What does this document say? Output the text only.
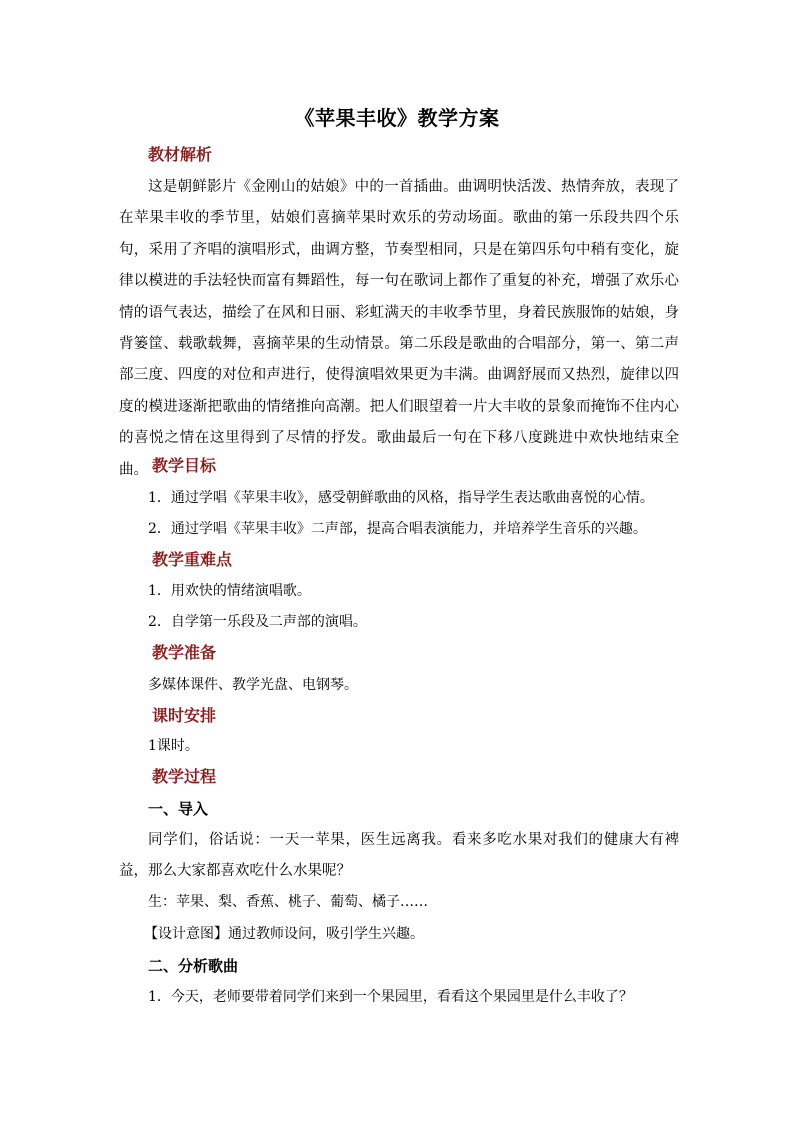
《苹果丰收》教学方案
教材解析
这是朝鲜影片《金刚山的姑娘》中的一首插曲。曲调明快活泼、热情奔放，表现了在苹果丰收的季节里，姑娘们喜摘苹果时欢乐的劳动场面。歌曲的第一乐段共四个乐句，采用了齐唱的演唱形式，曲调方整，节奏型相同，只是在第四乐句中稍有变化，旋律以模进的手法轻快而富有舞蹈性，每一句在歌词上都作了重复的补充，增强了欢乐心情的语气表达，描绘了在风和日丽、彩虹满天的丰收季节里，身着民族服饰的姑娘，身背篓筐、载歌载舞，喜摘苹果的生动情景。第二乐段是歌曲的合唱部分，第一、第二声部三度、四度的对位和声进行，使得演唱效果更为丰满。曲调舒展而又热烈，旋律以四度的模进逐渐把歌曲的情绪推向高潮。把人们眼望着一片大丰收的景象而掩饰不住内心的喜悦之情在这里得到了尽情的抒发。歌曲最后一句在下移八度跳进中欢快地结束全曲。 教学目标
1．通过学唱《苹果丰收》，感受朝鲜歌曲的风格，指导学生表达歌曲喜悦的心情。
2．通过学唱《苹果丰收》二声部，提高合唱表演能力，并培养学生音乐的兴趣。
教学重难点
1．用欢快的情绪演唱歌。
2．自学第一乐段及二声部的演唱。
教学准备
多媒体课件、教学光盘、电钢琴。
课时安排
1课时。
教学过程
一、导入
同学们，俗话说：一天一苹果，医生远离我。看来多吃水果对我们的健康大有裨益，那么大家都喜欢吃什么水果呢？
生：苹果、梨、香蕉、桃子、葡萄、橘子……
【设计意图】通过教师设问，吸引学生兴趣。
二、分析歌曲
1．今天，老师要带着同学们来到一个果园里，看看这个果园里是什么丰收了？
